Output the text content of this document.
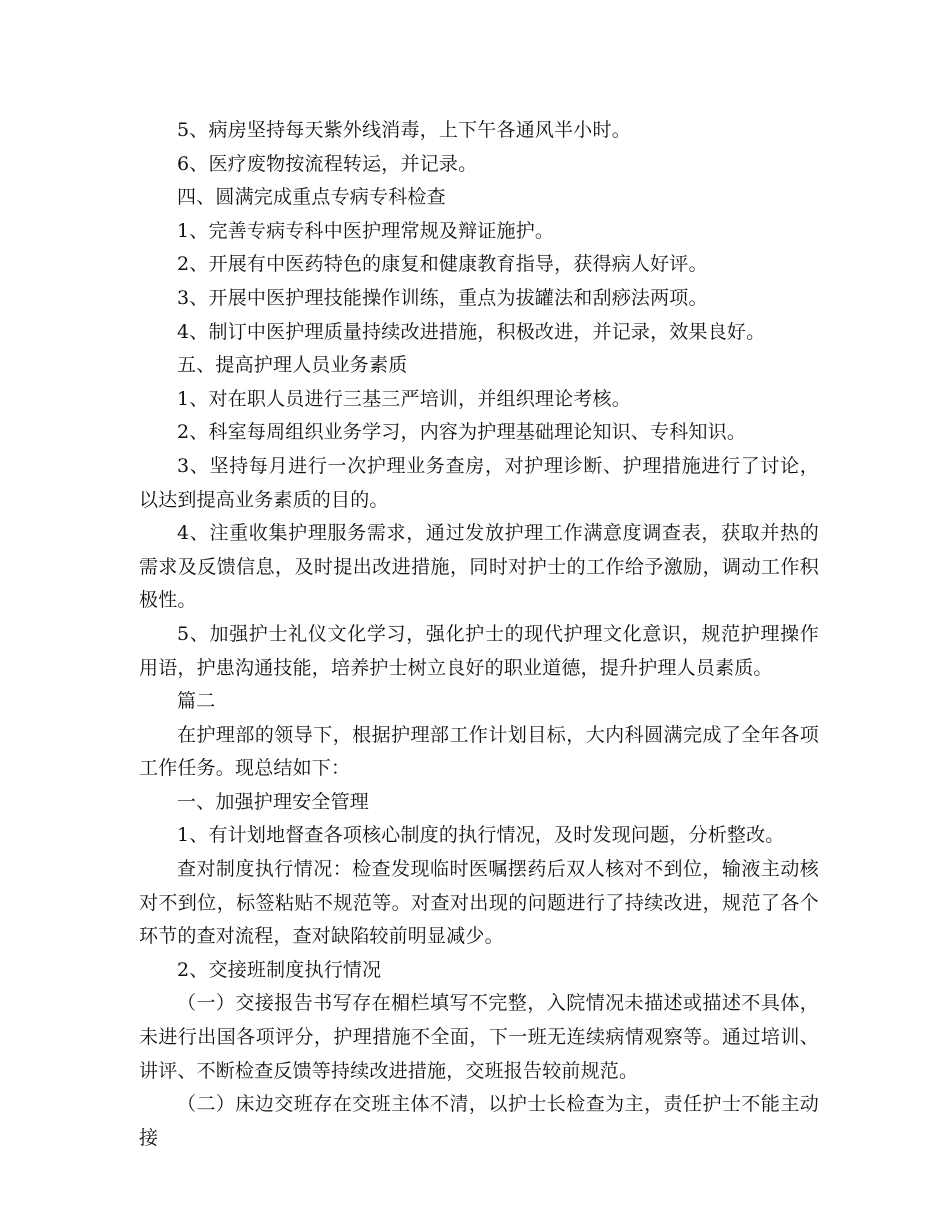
5、病房坚持每天紫外线消毒，上下午各通风半小时。

6、医疗废物按流程转运，并记录。

四、圆满完成重点专病专科检查

1、完善专病专科中医护理常规及辩证施护。

2、开展有中医药特色的康复和健康教育指导，获得病人好评。

3、开展中医护理技能操作训练，重点为拔罐法和刮痧法两项。

4、制订中医护理质量持续改进措施，积极改进，并记录，效果良好。

五、提高护理人员业务素质

1、对在职人员进行三基三严培训，并组织理论考核。

2、科室每周组织业务学习，内容为护理基础理论知识、专科知识。

3、坚持每月进行一次护理业务查房，对护理诊断、护理措施进行了讨论，以达到提高业务素质的目的。

4、注重收集护理服务需求，通过发放护理工作满意度调查表，获取并热的需求及反馈信息，及时提出改进措施，同时对护士的工作给予激励，调动工作积极性。

5、加强护士礼仪文化学习，强化护士的现代护理文化意识，规范护理操作用语，护患沟通技能，培养护士树立良好的职业道德，提升护理人员素质。

篇二

在护理部的领导下，根据护理部工作计划目标，大内科圆满完成了全年各项工作任务。现总结如下：

一、加强护理安全管理

1、有计划地督查各项核心制度的执行情况，及时发现问题，分析整改。

查对制度执行情况：检查发现临时医嘱摆药后双人核对不到位，输液主动核对不到位，标签粘贴不规范等。对查对出现的问题进行了持续改进，规范了各个环节的查对流程，查对缺陷较前明显减少。

2、交接班制度执行情况

（一）交接报告书写存在楣栏填写不完整，入院情况未描述或描述不具体，未进行出国各项评分，护理措施不全面，下一班无连续病情观察等。通过培训、讲评、不断检查反馈等持续改进措施，交班报告较前规范。

（二）床边交班存在交班主体不清，以护士长检查为主，责任护士不能主动接
